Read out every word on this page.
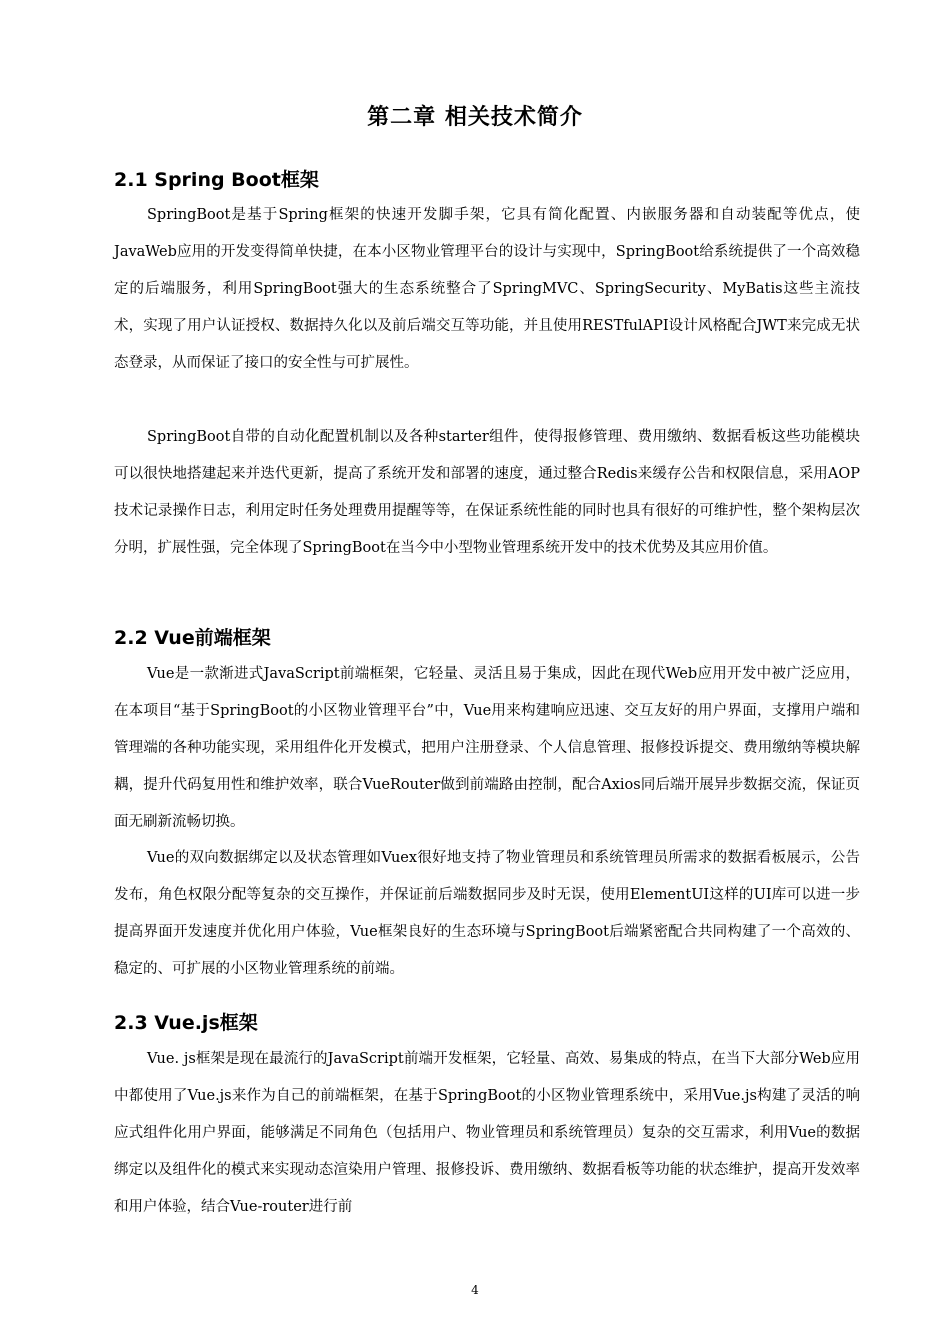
第二章 相关技术简介
2.1 Spring Boot框架

SpringBoot是基于Spring框架的快速开发脚手架，它具有简化配置、内嵌服务器和自动装配等优点，使JavaWeb应用的开发变得简单快捷，在本小区物业管理平台的设计与实现中，SpringBoot给系统提供了一个高效稳定的后端服务，利用SpringBoot强大的生态系统整合了SpringMVC、SpringSecurity、MyBatis这些主流技术，实现了用户认证授权、数据持久化以及前后端交互等功能，并且使用RESTfulAPI设计风格配合JWT来完成无状态登录，从而保证了接口的安全性与可扩展性。

SpringBoot自带的自动化配置机制以及各种starter组件，使得报修管理、费用缴纳、数据看板这些功能模块可以很快地搭建起来并迭代更新，提高了系统开发和部署的速度，通过整合Redis来缓存公告和权限信息，采用AOP技术记录操作日志，利用定时任务处理费用提醒等等，在保证系统性能的同时也具有很好的可维护性，整个架构层次分明，扩展性强，完全体现了SpringBoot在当今中小型物业管理系统开发中的技术优势及其应用价值。

2.2 Vue前端框架

Vue是一款渐进式JavaScript前端框架，它轻量、灵活且易于集成，因此在现代Web应用开发中被广泛应用，在本项目“基于SpringBoot的小区物业管理平台”中，Vue用来构建响应迅速、交互友好的用户界面，支撑用户端和管理端的各种功能实现，采用组件化开发模式，把用户注册登录、个人信息管理、报修投诉提交、费用缴纳等模块解耦，提升代码复用性和维护效率，联合VueRouter做到前端路由控制，配合Axios同后端开展异步数据交流，保证页面无刷新流畅切换。

Vue的双向数据绑定以及状态管理如Vuex很好地支持了物业管理员和系统管理员所需求的数据看板展示，公告发布，角色权限分配等复杂的交互操作，并保证前后端数据同步及时无误，使用ElementUI这样的UI库可以进一步提高界面开发速度并优化用户体验，Vue框架良好的生态环境与SpringBoot后端紧密配合共同构建了一个高效的、稳定的、可扩展的小区物业管理系统的前端。

2.3 Vue.js框架

Vue. js框架是现在最流行的JavaScript前端开发框架，它轻量、高效、易集成的特点，在当下大部分Web应用中都使用了Vue.js来作为自己的前端框架，在基于SpringBoot的小区物业管理系统中，采用Vue.js构建了灵活的响应式组件化用户界面，能够满足不同角色（包括用户、物业管理员和系统管理员）复杂的交互需求，利用Vue的数据绑定以及组件化的模式来实现动态渲染用户管理、报修投诉、费用缴纳、数据看板等功能的状态维护，提高开发效率和用户体验，结合Vue-router进行前

4
